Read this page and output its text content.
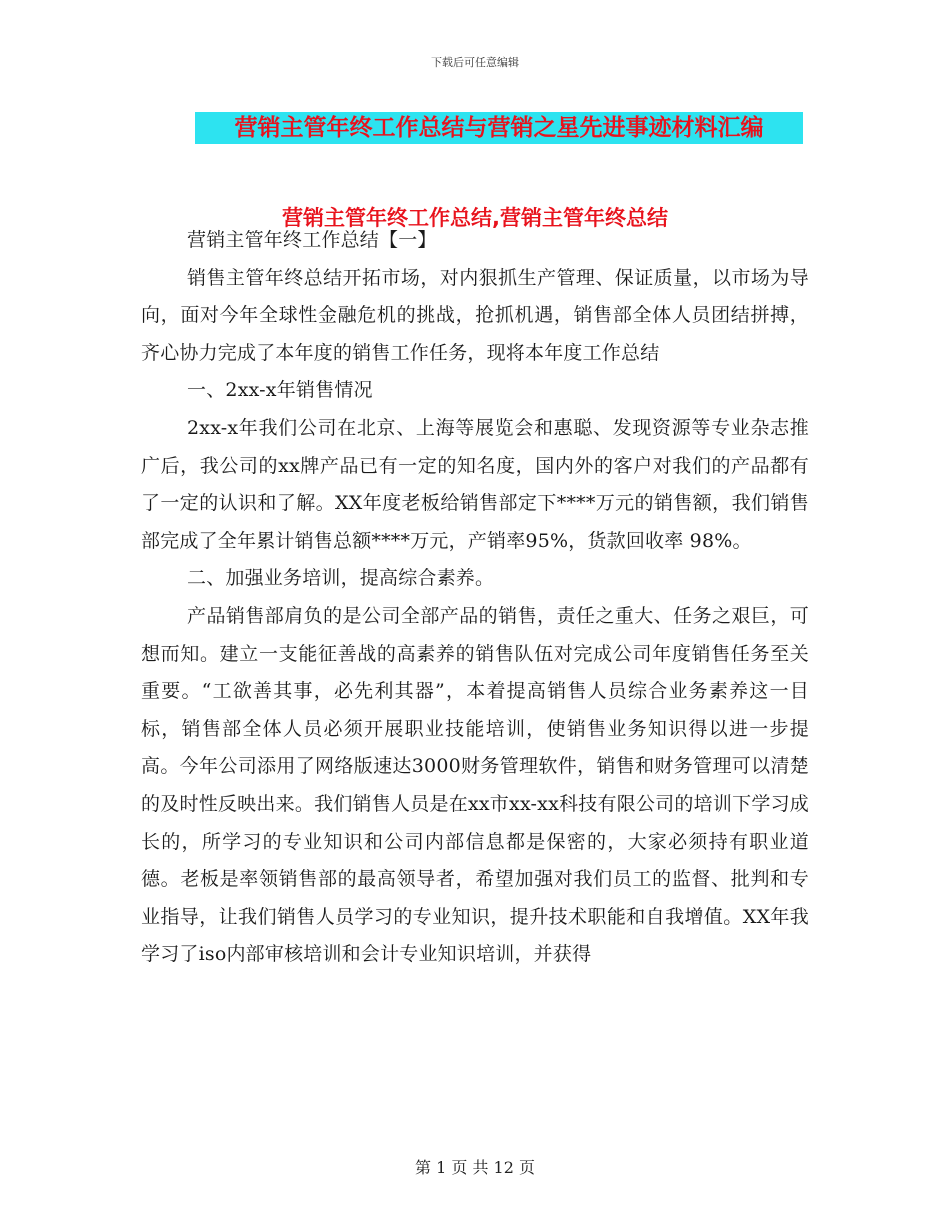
下载后可任意编辑
营销主管年终工作总结与营销之星先进事迹材料汇编
营销主管年终工作总结,营销主管年终总结

营销主管年终工作总结【一】

销售主管年终总结开拓市场，对内狠抓生产管理、保证质量，以市场为导向，面对今年全球性金融危机的挑战，抢抓机遇，销售部全体人员团结拼搏，齐心协力完成了本年度的销售工作任务，现将本年度工作总结

一、2xx-x年销售情况

2xx-x年我们公司在北京、上海等展览会和惠聪、发现资源等专业杂志推广后，我公司的xx牌产品已有一定的知名度，国内外的客户对我们的产品都有了一定的认识和了解。XX年度老板给销售部定下****万元的销售额，我们销售部完成了全年累计销售总额****万元，产销率95%，货款回收率 98%。

二、加强业务培训，提高综合素养。

产品销售部肩负的是公司全部产品的销售，责任之重大、任务之艰巨，可想而知。建立一支能征善战的高素养的销售队伍对完成公司年度销售任务至关重要。“工欲善其事，必先利其器”，本着提高销售人员综合业务素养这一目标，销售部全体人员必须开展职业技能培训，使销售业务知识得以进一步提高。今年公司添用了网络版速达3000财务管理软件，销售和财务管理可以清楚的及时性反映出来。我们销售人员是在xx市xx-xx科技有限公司的培训下学习成长的，所学习的专业知识和公司内部信息都是保密的，大家必须持有职业道德。老板是率领销售部的最高领导者，希望加强对我们员工的监督、批判和专业指导，让我们销售人员学习的专业知识，提升技术职能和自我增值。XX年我学习了iso内部审核培训和会计专业知识培训，并获得

第 1 页 共 12 页
